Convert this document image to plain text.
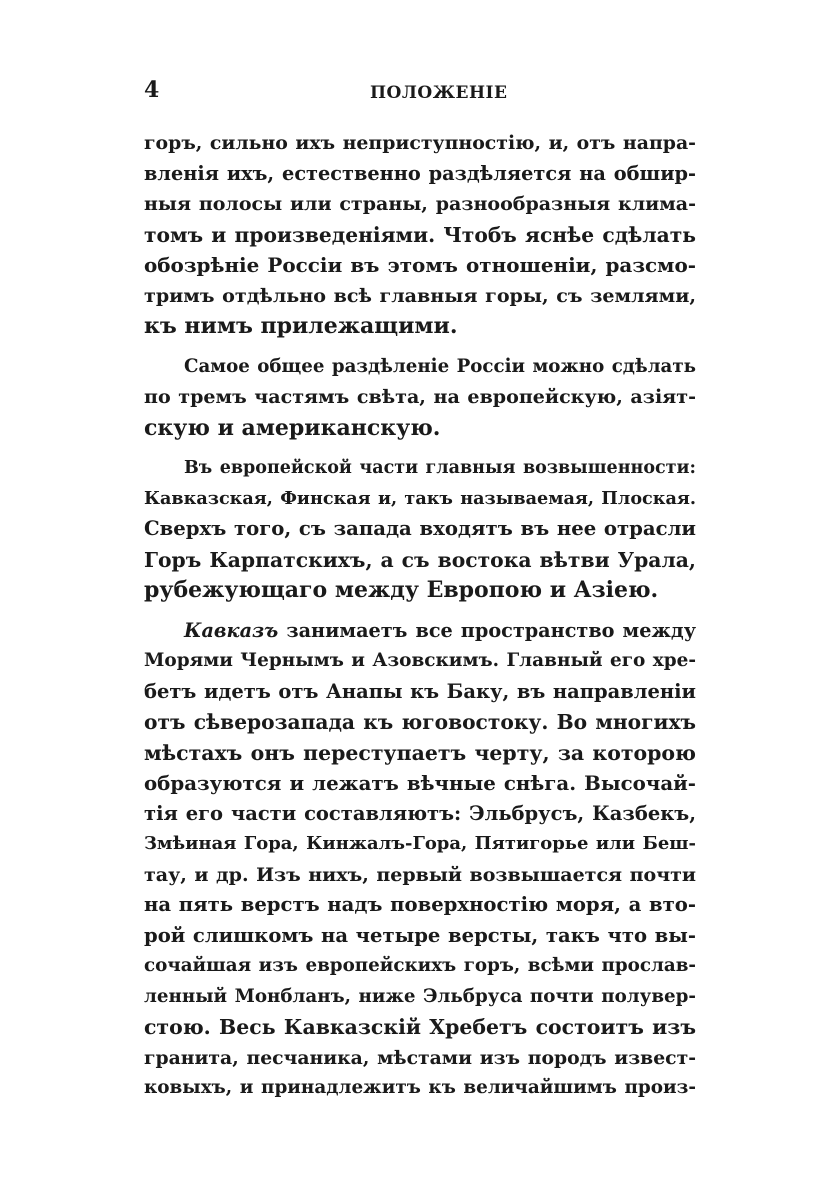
4	ПОЛОЖЕНІЕ
горъ, сильно ихъ неприступностію, и, отъ напра-
вленія ихъ, естественно раздѣляется на обшир-
ныя полосы или страны, разнообразныя клима-
томъ и произведеніями. Чтобъ яснѣе сдѣлать
обозрѣніе Россіи въ этомъ отношеніи, разсмо-
тримъ отдѣльно всѣ главныя горы, съ землями,
къ нимъ прилежащими.
Самое общее раздѣленіе Россіи можно сдѣлать
по тремъ частямъ свѣта, на европейскую, азіят-
скую и американскую.
Въ европейской части главныя возвышенности:
Кавказская, Финская и, такъ называемая, Плоская.
Сверхъ того, съ запада входятъ въ нее отрасли
Горъ Карпатскихъ, а съ востока вѣтви Урала,
рубежующаго между Европою и Азіею.
Кавказъ занимаетъ все пространство между
Морями Чернымъ и Азовскимъ. Главный его хре-
бетъ идетъ отъ Анапы къ Баку, въ направленіи
отъ сѣверозапада къ юговостоку. Во многихъ
мѣстахъ онъ переступаетъ черту, за которою
образуются и лежатъ вѣчные снѣга. Высочай-
тія его части составляютъ: Эльбрусъ, Казбекъ,
Змѣиная Гора, Кинжалъ-Гора, Пятигорье или Беш-
тау, и др. Изъ нихъ, первый возвышается почти
на пять верстъ надъ поверхностію моря, а вто-
рой слишкомъ на четыре версты, такъ что вы-
сочайшая изъ европейскихъ горъ, всѣми прослав-
ленный Монбланъ, ниже Эльбруса почти полувер-
стою. Весь Кавказскій Хребетъ состоитъ изъ
гранита, песчаника, мѣстами изъ породъ извест-
ковыхъ, и принадлежитъ къ величайшимъ произ-
